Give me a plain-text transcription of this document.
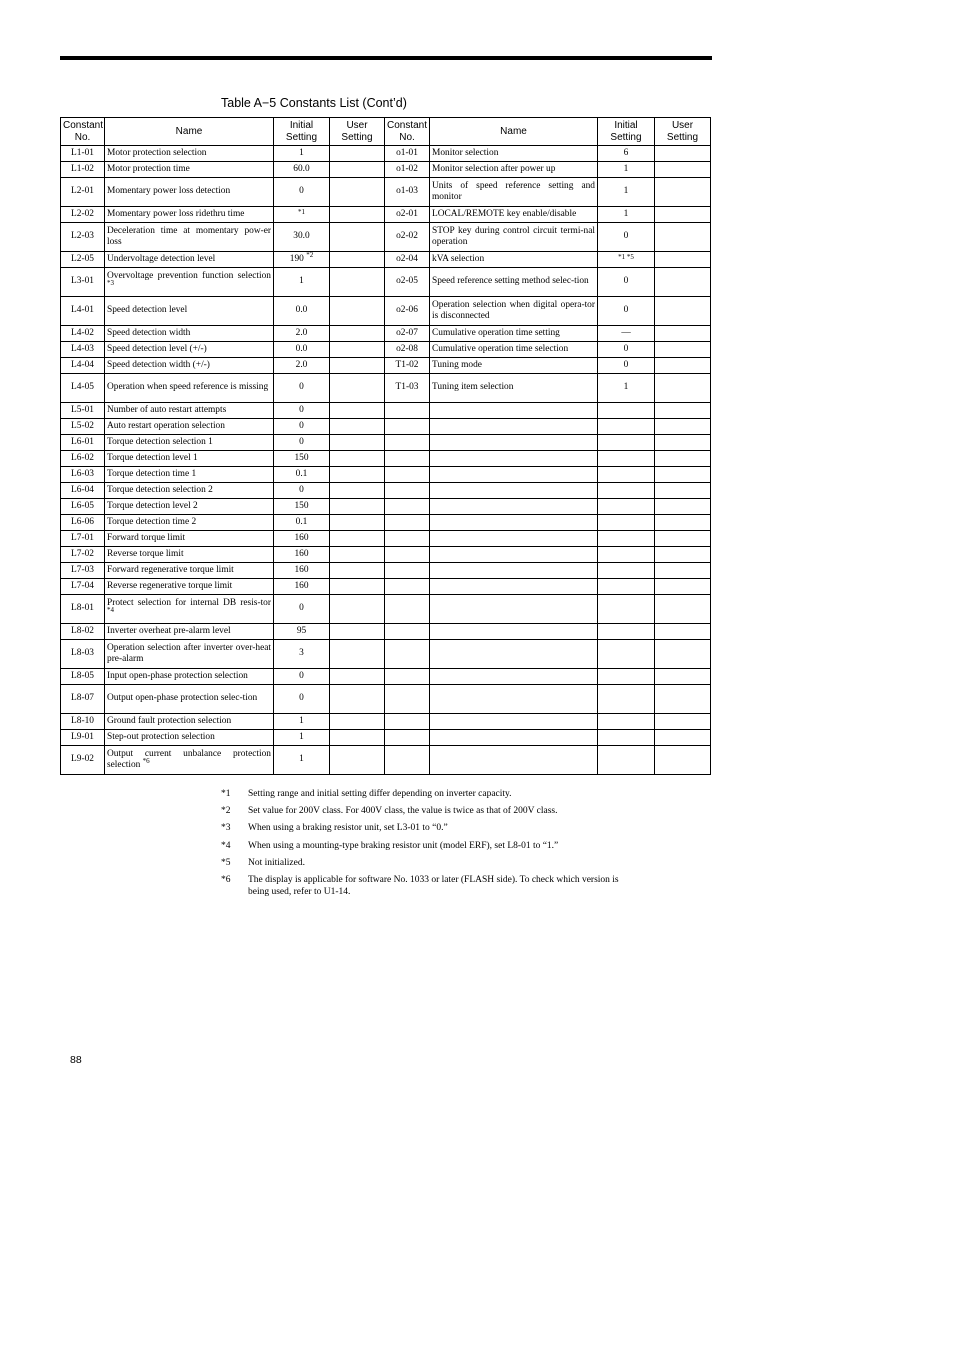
Table A−5 Constants List (Cont’d)
Constant No.	Name	Initial Setting	User Setting	Constant No.	Name	Initial Setting	User Setting
L1-01	Motor protection selection	1		o1-01	Monitor selection	6	
L1-02	Motor protection time	60.0		o1-02	Monitor selection after power up	1	
L2-01	Momentary power loss detection	0		o1-03	Units of speed reference setting and monitor	1	
L2-02	Momentary power loss ridethru time	*1		o2-01	LOCAL/REMOTE key enable/disable	1	
L2-03	Deceleration time at momentary pow-er loss	30.0		o2-02	STOP key during control circuit termi-nal operation	0	
L2-05	Undervoltage detection level	190 $^{*2}$		o2-04	kVA selection	*1 *5	

L3-01	Overvoltage prevention function selection $^{*3}$	1		o2-05	Speed reference setting method selec-tion	0	
L4-01	Speed detection level	0.0		o2-06	Operation selection when digital opera-tor is disconnected	0	
L4-02	Speed detection width	2.0		o2-07	Cumulative operation time setting	—	
L4-03	Speed detection level (+/-)	0.0		o2-08	Cumulative operation time selection	0	
L4-04	Speed detection width (+/-)	2.0		T1-02	Tuning mode	0	
L4-05	Operation when speed reference is missing	0		T1-03	Tuning item selection	1	
L5-01	Number of auto restart attempts	0					
L5-02	Auto restart operation selection	0					
L6-01	Torque detection selection 1	0					
L6-02	Torque detection level 1	150					
L6-03	Torque detection time 1	0.1					
L6-04	Torque detection selection 2	0					
L6-05	Torque detection level 2	150					
L6-06	Torque detection time 2	0.1					
L7-01	Forward torque limit	160					
L7-02	Reverse torque limit	160					
L7-03	Forward regenerative torque limit	160					
L7-04	Reverse regenerative torque limit	160					
L8-01	Protect selection for internal DB resis-tor $^{*4}$	0					
L8-02	Inverter overheat pre-alarm level	95					
L8-03	Operation selection after inverter over-heat pre-alarm	3					
L8-05	Input open-phase protection selection	0					
L8-07	Output open-phase protection selec-tion	0					
L8-10	Ground fault protection selection	1					
L9-01	Step-out protection selection	1					
L9-02	Output current unbalance protection selection $^{*6}$	1					
*1	Setting range and initial setting differ depending on inverter capacity.
*2	Set value for 200V class. For 400V class, the value is twice as that of 200V class.
*3	When using a braking resistor unit, set L3-01 to “0.”
*4	When using a mounting-type braking resistor unit (model ERF), set L8-01 to “1.”
*5	Not initialized.
*6	The display is applicable for software No. 1033 or later (FLASH side). To check which version is being used, refer to U1-14.
88
